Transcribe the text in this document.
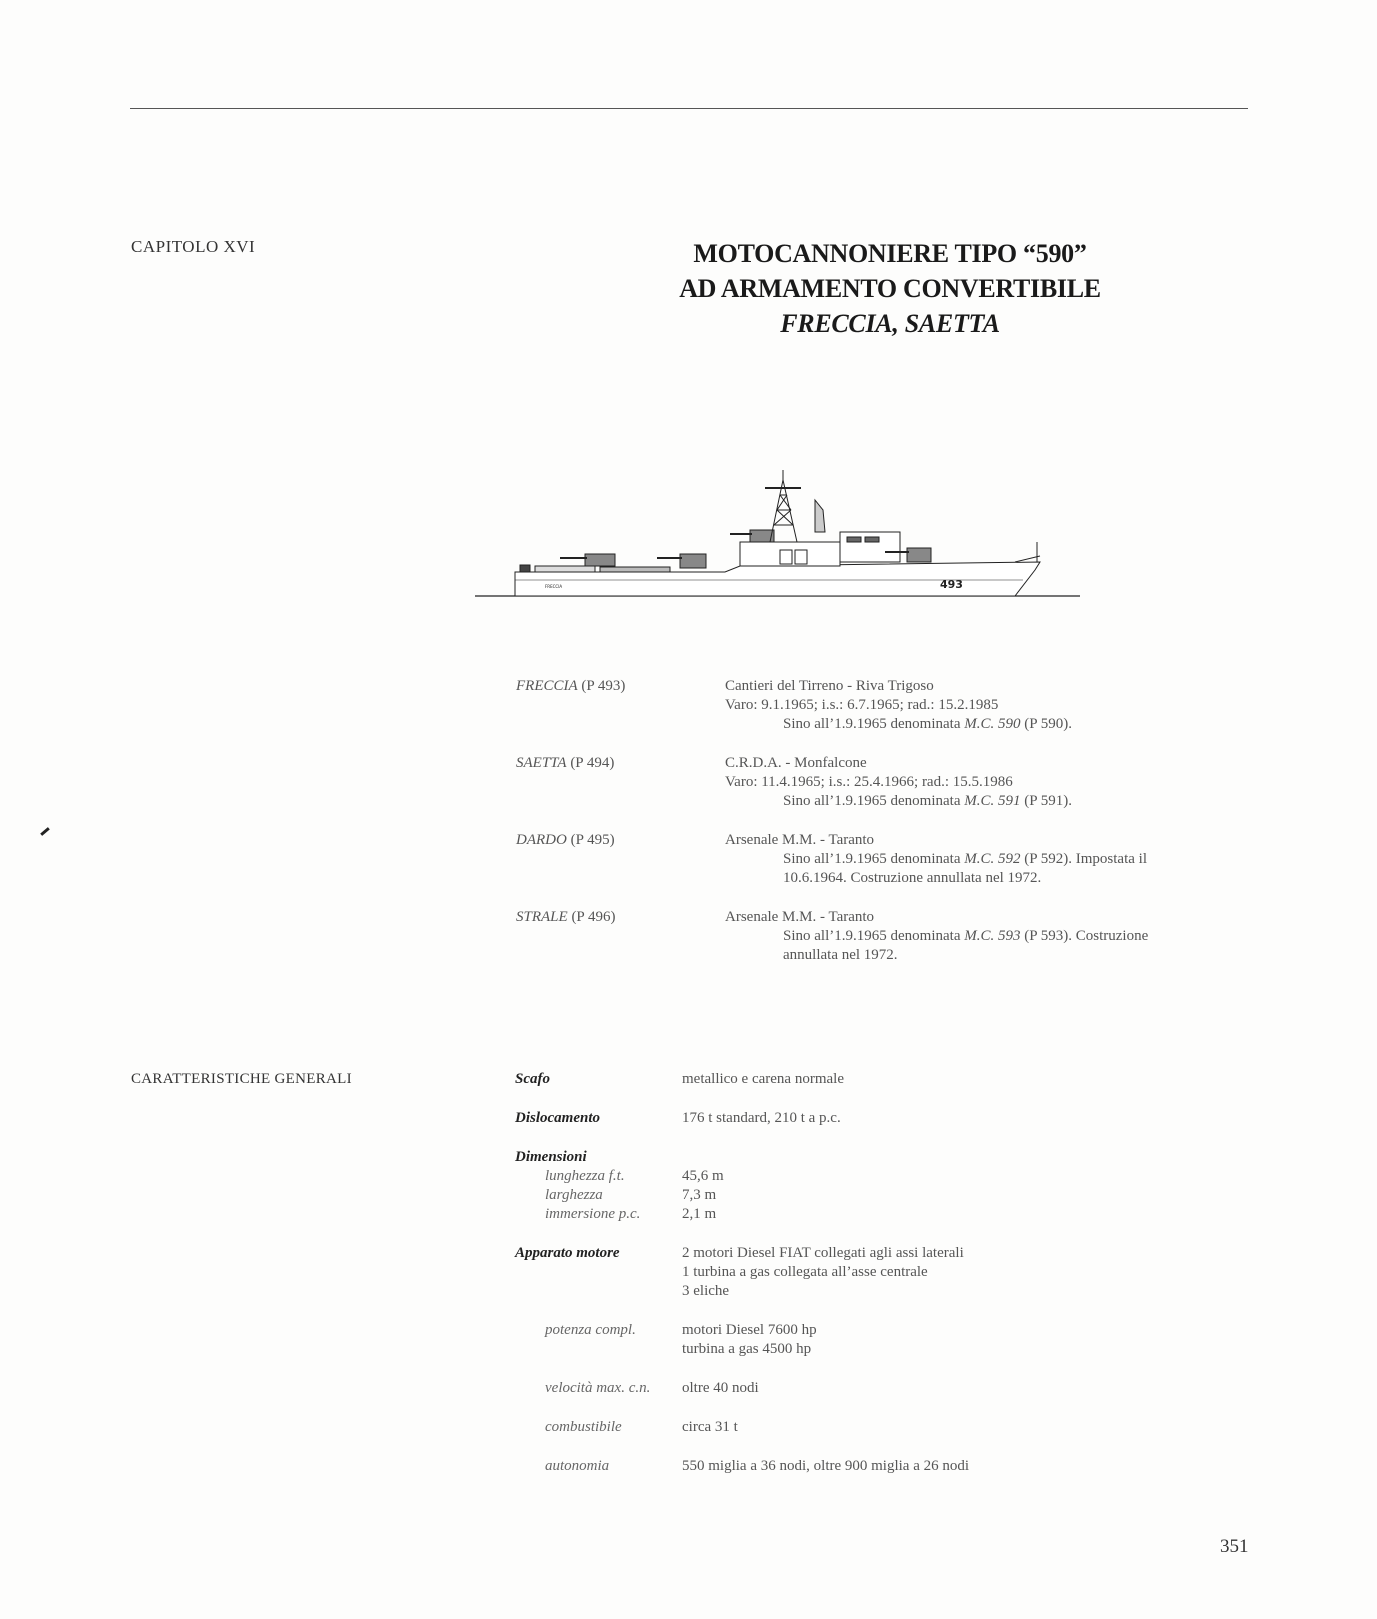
CAPITOLO XVI	MOTOCANNONIERE TIPO “590”
AD ARMAMENTO CONVERTIBILE
FRECCIA, SAETTA
493
FRECCIA
FRECCIA (P 493)	Cantieri del Tirreno - Riva Trigoso
Varo: 9.1.1965; i.s.: 6.7.1965; rad.: 15.2.1985
Sino all’1.9.1965 denominata M.C. 590 (P 590).
SAETTA (P 494)	C.R.D.A. - Monfalcone
Varo: 11.4.1965; i.s.: 25.4.1966; rad.: 15.5.1986
Sino all’1.9.1965 denominata M.C. 591 (P 591).
DARDO (P 495)	Arsenale M.M. - Taranto
Sino all’1.9.1965 denominata M.C. 592 (P 592). Impostata il
10.6.1964. Costruzione annullata nel 1972.
STRALE (P 496)	Arsenale M.M. - Taranto
Sino all’1.9.1965 denominata M.C. 593 (P 593). Costruzione
annullata nel 1972.
CARATTERISTICHE GENERALI	Scafo	metallico e carena normale
Dislocamento	176 t standard, 210 t a p.c.
Dimensioni
lunghezza f.t.	45,6 m
larghezza	7,3 m
immersione p.c.	2,1 m
Apparato motore	2 motori Diesel FIAT collegati agli assi laterali
1 turbina a gas collegata all’asse centrale
3 eliche
potenza compl.	motori Diesel 7600 hp
turbina a gas 4500 hp
velocità max. c.n.	oltre 40 nodi
combustibile	circa 31 t
autonomia	550 miglia a 36 nodi, oltre 900 miglia a 26 nodi
351
